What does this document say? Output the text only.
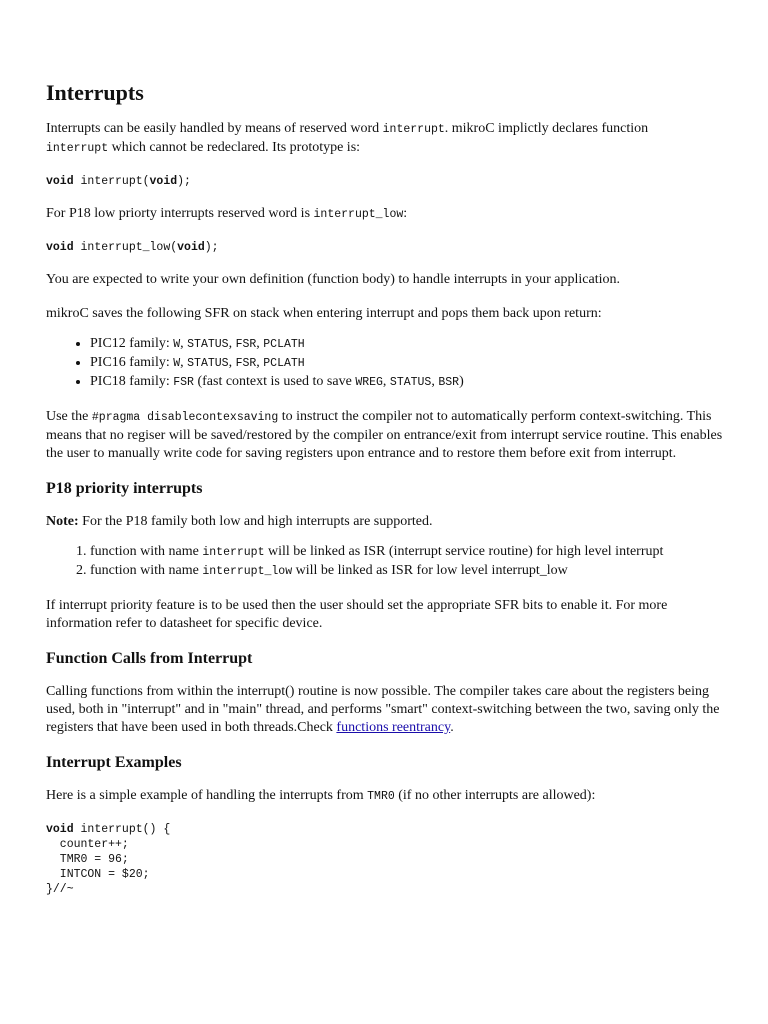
Interrupts

Interrupts can be easily handled by means of reserved word interrupt. mikroC implictly declares function
interrupt which cannot be redeclared. Its prototype is:

void interrupt(void);

For P18 low priorty interrupts reserved word is interrupt_low:

void interrupt_low(void);

You are expected to write your own definition (function body) to handle interrupts in your application.

mikroC saves the following SFR on stack when entering interrupt and pops them back upon return:

• PIC12 family: W, STATUS, FSR, PCLATH
• PIC16 family: W, STATUS, FSR, PCLATH
• PIC18 family: FSR (fast context is used to save WREG, STATUS, BSR)

Use the #pragma disablecontexsaving to instruct the compiler not to automatically perform context-switching. This means that no regiser will be saved/restored by the compiler on entrance/exit from interrupt service routine. This enables the user to manually write code for saving registers upon entrance and to restore them before exit from interrupt.

P18 priority interrupts

Note: For the P18 family both low and high interrupts are supported.

1. function with name interrupt will be linked as ISR (interrupt service routine) for high level interrupt
2. function with name interrupt_low will be linked as ISR for low level interrupt_low

If interrupt priority feature is to be used then the user should set the appropriate SFR bits to enable it. For more information refer to datasheet for specific device.

Function Calls from Interrupt

Calling functions from within the interrupt() routine is now possible. The compiler takes care about the registers being used, both in "interrupt" and in "main" thread, and performs "smart" context-switching between the two, saving only the registers that have been used in both threads.Check functions reentrancy.

Interrupt Examples

Here is a simple example of handling the interrupts from TMR0 (if no other interrupts are allowed):

void interrupt() {
counter++;
TMR0 = 96;
INTCON = $20;
}//~
